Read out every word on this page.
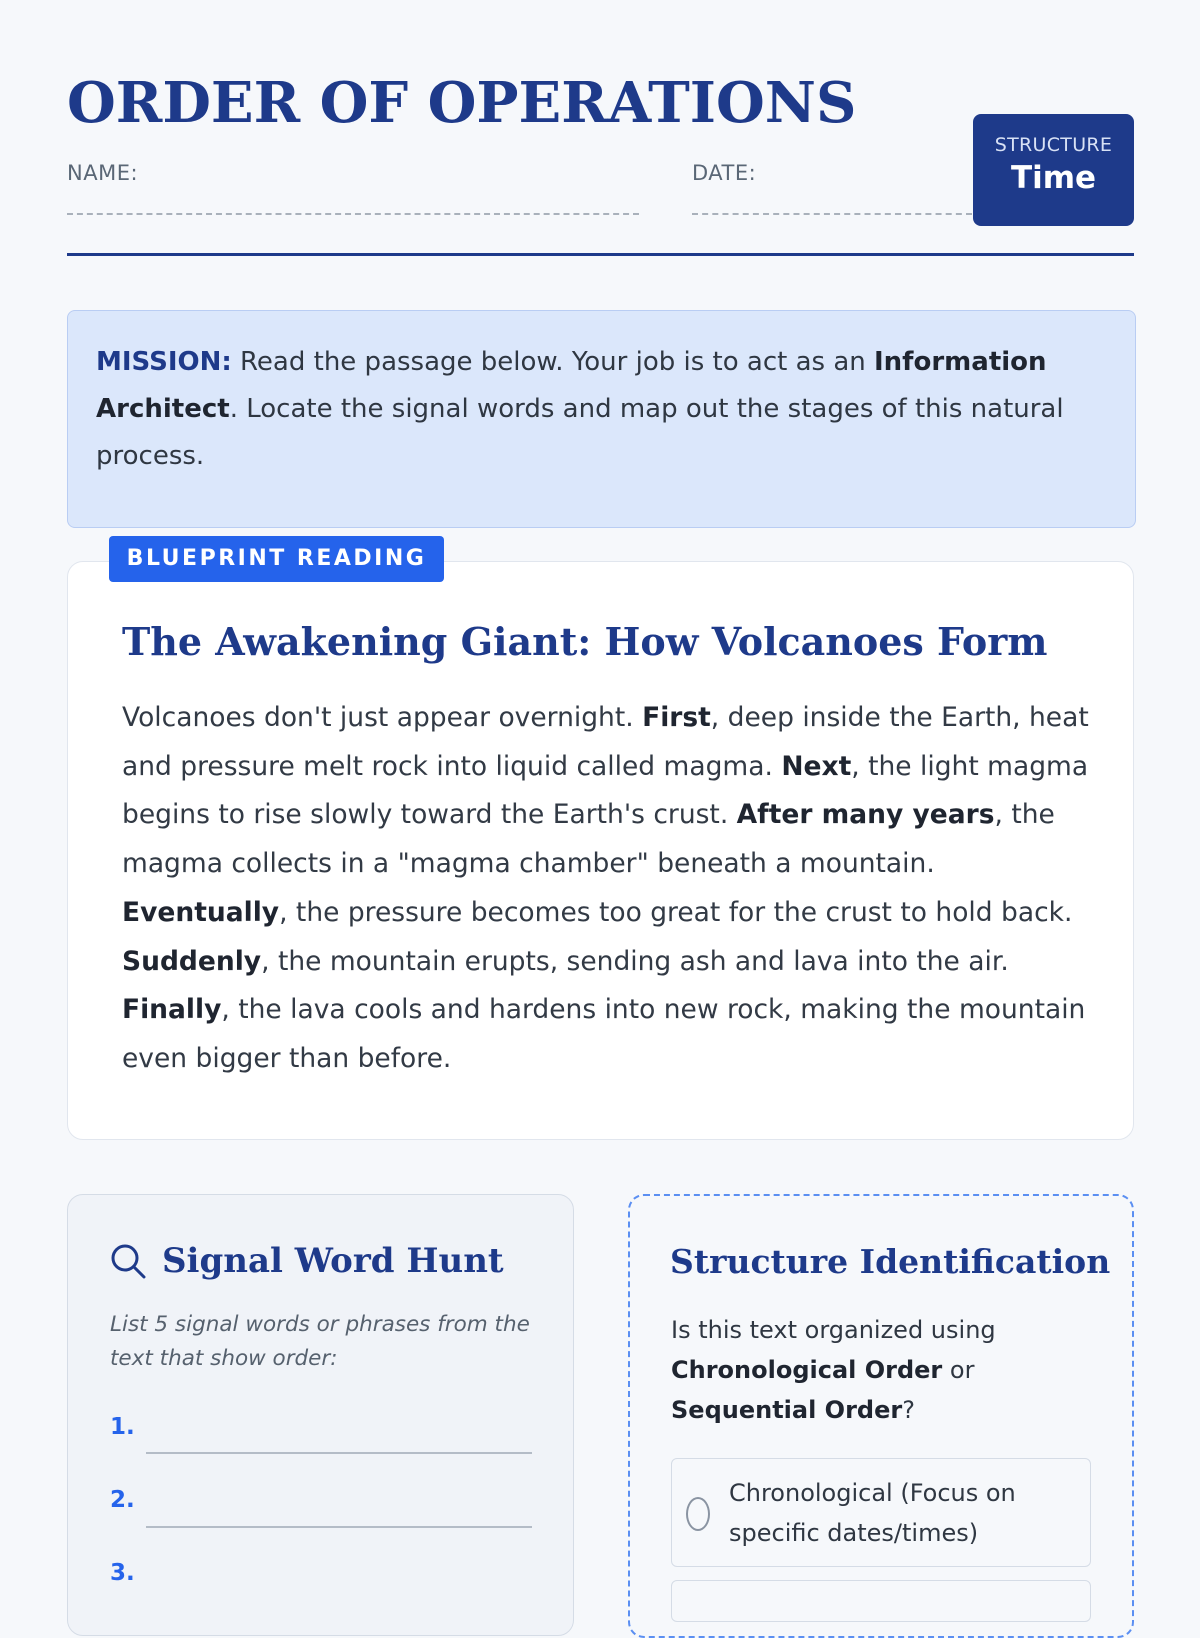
ORDER OF OPERATIONS
NAME:	DATE:
STRUCTURE
Time
MISSION: Read the passage below. Your job is to act as an Information Architect. Locate the signal words and map out the stages of this natural process.
BLUEPRINT READING
The Awakening Giant: How Volcanoes Form

Volcanoes don't just appear overnight. First, deep inside the Earth, heat and pressure melt rock into liquid called magma. Next, the light magma begins to rise slowly toward the Earth's crust. After many years, the magma collects in a "magma chamber" beneath a mountain.
Eventually, the pressure becomes too great for the crust to hold back.
Suddenly, the mountain erupts, sending ash and lava into the air.
Finally, the lava cools and hardens into new rock, making the mountain even bigger than before.

Signal Word Hunt
List 5 signal words or phrases from the text that show order:
1.
2.
3.
Structure Identification
Is this text organized using
Chronological Order or
Sequential Order?
Chronological (Focus on specific dates/times)
